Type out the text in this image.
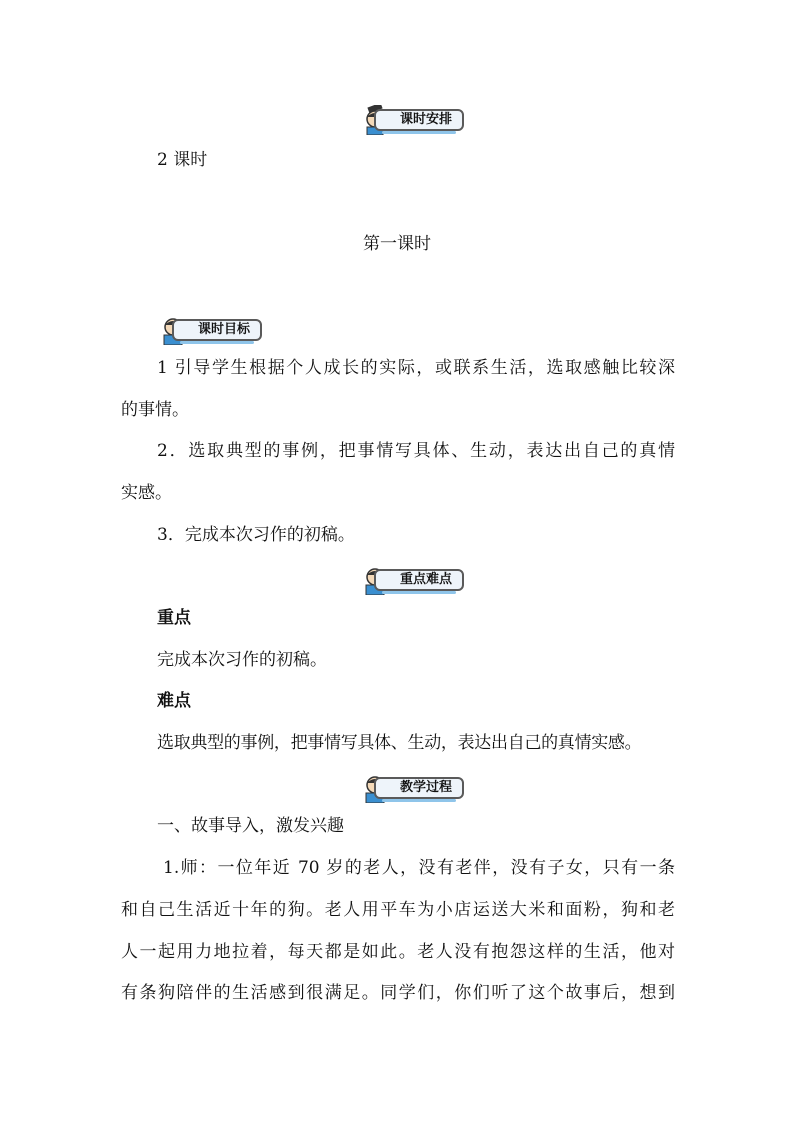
课时安排
2 课时
第一课时
课时目标
1 引导学生根据个人成长的实际，或联系生活，选取感触比较深
的事情。
2．选取典型的事例，把事情写具体、生动，表达出自己的真情
实感。
3．完成本次习作的初稿。
重点难点
重点
完成本次习作的初稿。
难点
选取典型的事例，把事情写具体、生动，表达出自己的真情实感。
教学过程
一、故事导入，激发兴趣
1.师：一位年近 70 岁的老人，没有老伴，没有子女，只有一条
和自己生活近十年的狗。老人用平车为小店运送大米和面粉，狗和老
人一起用力地拉着，每天都是如此。老人没有抱怨这样的生活，他对
有条狗陪伴的生活感到很满足。同学们，你们听了这个故事后，想到
